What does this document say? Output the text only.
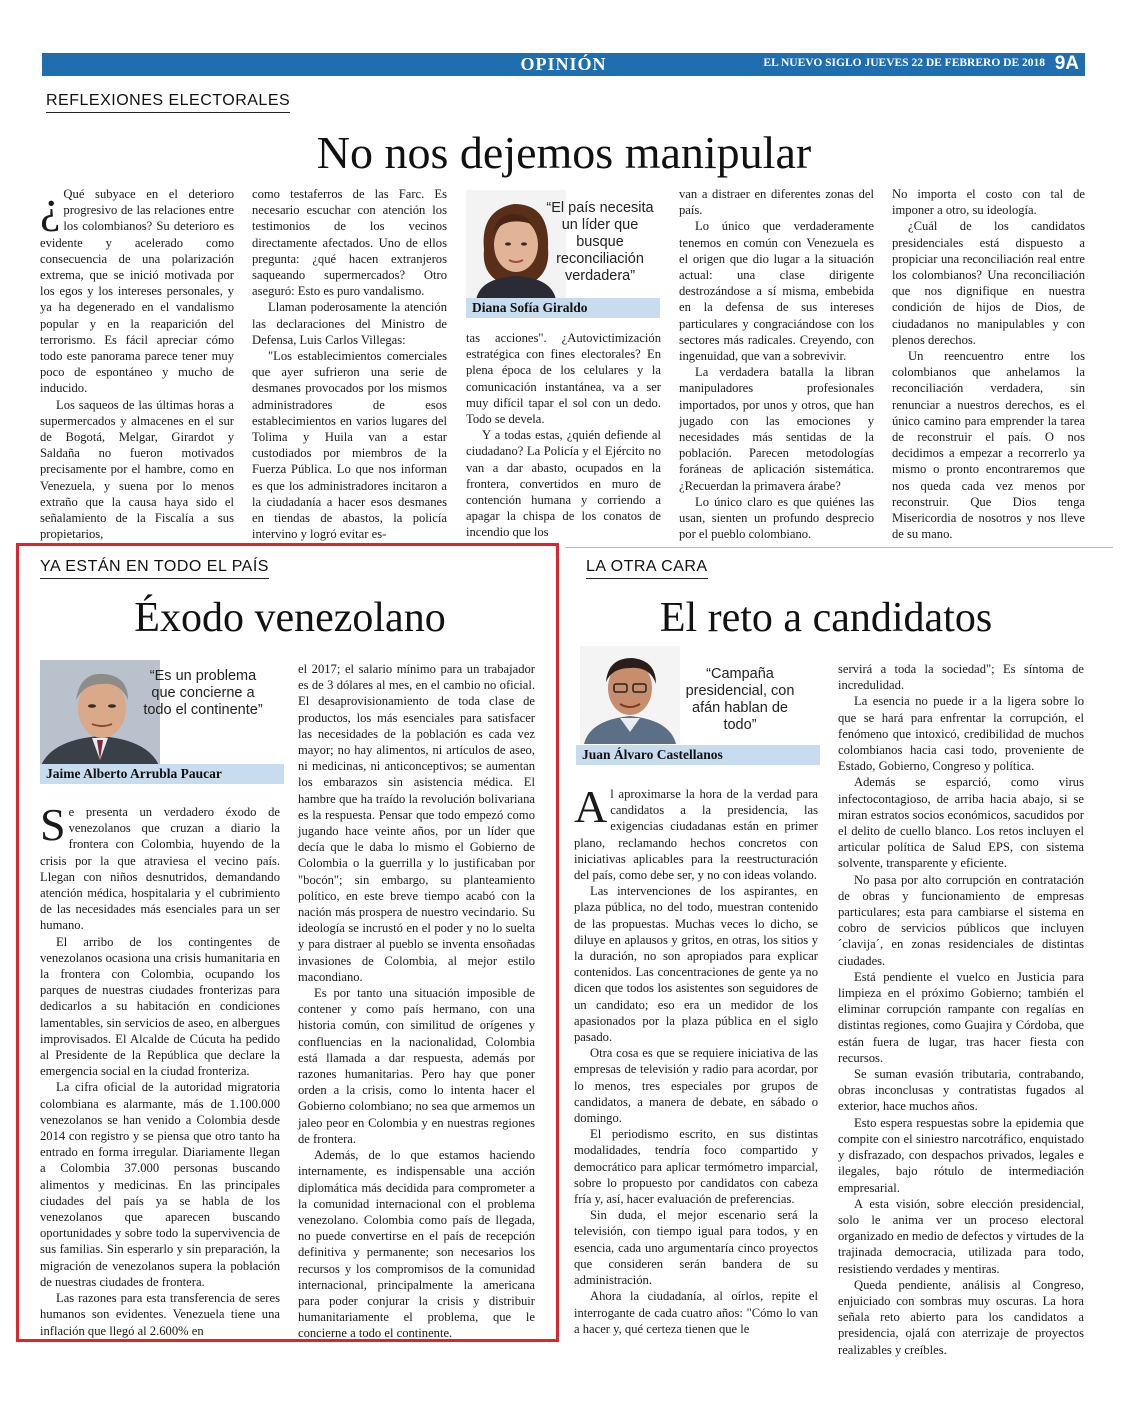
OPINIÓN	EL NUEVO SIGLO JUEVES 22 DE FEBRERO DE 2018 9A
REFLEXIONES ELECTORALES
No nos dejemos manipular

¿ Qué subyace en el deterioro progresivo de las relaciones entre los colombianos? Su deterioro es evidente y acelerado como consecuencia de una polarización extrema, que se inició motivada por los egos y los intereses personales, y ya ha degenerado en el vandalismo popular y en la reaparición del terrorismo. Es fácil apreciar cómo todo este panorama parece tener muy poco de espontáneo y mucho de inducido.

Los saqueos de las últimas horas a supermercados y almacenes en el sur de Bogotá, Melgar, Girardot y Saldaña no fueron motivados precisamente por el hambre, como en Venezuela, y suena por lo menos extraño que la causa haya sido el señalamiento de la Fiscalía a sus propietarios,

como testaferros de las Farc. Es necesario escuchar con atención los testimonios de los vecinos directamente afectados. Uno de ellos pregunta: ¿qué hacen extranjeros saqueando supermercados? Otro aseguró: Esto es puro vandalismo.

Llaman poderosamente la atención las declaraciones del Ministro de Defensa, Luis Carlos Villegas:

"Los establecimientos comerciales que ayer sufrieron una serie de desmanes provocados por los mismos administradores de esos establecimientos en varios lugares del Tolima y Huila van a estar custodiados por miembros de la Fuerza Pública. Lo que nos informan es que los administradores incitaron a la ciudadanía a hacer esos desmanes en tiendas de abastos, la policía intervino y logró evitar es-

“El país necesita un líder que busque reconciliación verdadera”
Diana Sofía Giraldo

tas acciones". ¿Autovictimización estratégica con fines electorales? En plena época de los celulares y la comunicación instantánea, va a ser muy difícil tapar el sol con un dedo. Todo se devela.

Y a todas estas, ¿quién defiende al ciudadano? La Policía y el Ejército no van a dar abasto, ocupados en la frontera, convertidos en muro de contención humana y corriendo a apagar la chispa de los conatos de incendio que los

van a distraer en diferentes zonas del país.

Lo único que verdaderamente tenemos en común con Venezuela es el origen que dio lugar a la situación actual: una clase dirigente destrozándose a sí misma, embebida en la defensa de sus intereses particulares y congraciándose con los sectores más radicales. Creyendo, con ingenuidad, que van a sobrevivir.

La verdadera batalla la libran manipuladores profesionales importados, por unos y otros, que han jugado con las emociones y necesidades más sentidas de la población. Parecen metodologías foráneas de aplicación sistemática. ¿Recuerdan la primavera árabe?

Lo único claro es que quiénes las usan, sienten un profundo desprecio por el pueblo colombiano.

No importa el costo con tal de imponer a otro, su ideología.

¿Cuál de los candidatos presidenciales está dispuesto a propiciar una reconciliación real entre los colombianos? Una reconciliación que nos dignifique en nuestra condición de hijos de Dios, de ciudadanos no manipulables y con plenos derechos.

Un reencuentro entre los colombianos que anhelamos la reconciliación verdadera, sin renunciar a nuestros derechos, es el único camino para emprender la tarea de reconstruir el país. O nos decidimos a empezar a recorrerlo ya mismo o pronto encontraremos que nos queda cada vez menos por reconstruir. Que Dios tenga Misericordia de nosotros y nos lleve de su mano.

YA ESTÁN EN TODO EL PAÍS
Éxodo venezolano
“Es un problema que concierne a todo el continente”
Jaime Alberto Arrubla Paucar

Se presenta un verdadero éxodo de venezolanos que cruzan a diario la frontera con Colombia, huyendo de la crisis por la que atraviesa el vecino país. Llegan con niños desnutridos, demandando atención médica, hospitalaria y el cubrimiento de las necesidades más esenciales para un ser humano.

El arribo de los contingentes de venezolanos ocasiona una crisis humanitaria en la frontera con Colombia, ocupando los parques de nuestras ciudades fronterizas para dedicarlos a su habitación en condiciones lamentables, sin servicios de aseo, en albergues improvisados. El Alcalde de Cúcuta ha pedido al Presidente de la República que declare la emergencia social en la ciudad fronteriza.

La cifra oficial de la autoridad migratoria colombiana es alarmante, más de 1.100.000 venezolanos se han venido a Colombia desde 2014 con registro y se piensa que otro tanto ha entrado en forma irregular. Diariamente llegan a Colombia 37.000 personas buscando alimentos y medicinas. En las principales ciudades del país ya se habla de los venezolanos que aparecen buscando oportunidades y sobre todo la supervivencia de sus familias. Sin esperarlo y sin preparación, la migración de venezolanos supera la población de nuestras ciudades de frontera.

Las razones para esta transferencia de seres humanos son evidentes. Venezuela tiene una inflación que llegó al 2.600% en

el 2017; el salario mínimo para un trabajador es de 3 dólares al mes, en el cambio no oficial. El desaprovisionamiento de toda clase de productos, los más esenciales para satisfacer las necesidades de la población es cada vez mayor; no hay alimentos, ni artículos de aseo, ni medicinas, ni anticonceptivos; se aumentan los embarazos sin asistencia médica. El hambre que ha traído la revolución bolivariana es la respuesta. Pensar que todo empezó como jugando hace veinte años, por un líder que decía que le daba lo mismo el Gobierno de Colombia o la guerrilla y lo justificaban por "bocón"; sin embargo, su planteamiento político, en este breve tiempo acabó con la nación más prospera de nuestro vecindario. Su ideología se incrustó en el poder y no lo suelta y para distraer al pueblo se inventa ensoñadas invasiones de Colombia, al mejor estilo macondiano.

Es por tanto una situación imposible de contener y como país hermano, con una historia común, con similitud de orígenes y confluencias en la nacionalidad, Colombia está llamada a dar respuesta, además por razones humanitarias. Pero hay que poner orden a la crisis, como lo intenta hacer el Gobierno colombiano; no sea que armemos un jaleo peor en Colombia y en nuestras regiones de frontera.

Además, de lo que estamos haciendo internamente, es indispensable una acción diplomática más decidida para comprometer a la comunidad internacional con el problema venezolano. Colombia como país de llegada, no puede convertirse en el país de recepción definitiva y permanente; son necesarios los recursos y los compromisos de la comunidad internacional, principalmente la americana para poder conjurar la crisis y distribuir humanitariamente el problema, que le concierne a todo el continente.

LA OTRA CARA
El reto a candidatos
“Campaña presidencial, con afán hablan de todo”
Juan Álvaro Castellanos

Al aproximarse la hora de la verdad para candidatos a la presidencia, las exigencias ciudadanas están en primer plano, reclamando hechos concretos con iniciativas aplicables para la reestructuración del país, como debe ser, y no con ideas volando.

Las intervenciones de los aspirantes, en plaza pública, no del todo, muestran contenido de las propuestas. Muchas veces lo dicho, se diluye en aplausos y gritos, en otras, los sitios y la duración, no son apropiados para explicar contenidos. Las concentraciones de gente ya no dicen que todos los asistentes son seguidores de un candidato; eso era un medidor de los apasionados por la plaza pública en el siglo pasado.

Otra cosa es que se requiere iniciativa de las empresas de televisión y radio para acordar, por lo menos, tres especiales por grupos de candidatos, a manera de debate, en sábado o domingo.

El periodismo escrito, en sus distintas modalidades, tendría foco compartido y democrático para aplicar termómetro imparcial, sobre lo propuesto por candidatos con cabeza fría y, así, hacer evaluación de preferencias.

Sin duda, el mejor escenario será la televisión, con tiempo igual para todos, y en esencia, cada uno argumentaría cinco proyectos que consideren serán bandera de su administración.

Ahora la ciudadanía, al oírlos, repite el interrogante de cada cuatro años: "Cómo lo van a hacer y, qué certeza tienen que le

servirá a toda la sociedad"; Es síntoma de incredulidad.

La esencia no puede ir a la ligera sobre lo que se hará para enfrentar la corrupción, el fenómeno que intoxicó, credibilidad de muchos colombianos hacia casi todo, proveniente de Estado, Gobierno, Congreso y política.

Además se esparció, como virus infectocontagioso, de arriba hacia abajo, si se miran estratos socios económicos, sacudidos por el delito de cuello blanco. Los retos incluyen el articular política de Salud EPS, con sistema solvente, transparente y eficiente.

No pasa por alto corrupción en contratación de obras y funcionamiento de empresas particulares; esta para cambiarse el sistema en cobro de servicios públicos que incluyen ´clavija´, en zonas residenciales de distintas ciudades.

Está pendiente el vuelco en Justicia para limpieza en el próximo Gobierno; también el eliminar corrupción rampante con regalías en distintas regiones, como Guajira y Córdoba, que están fuera de lugar, tras hacer fiesta con recursos.

Se suman evasión tributaria, contrabando, obras inconclusas y contratistas fugados al exterior, hace muchos años.

Esto espera respuestas sobre la epidemia que compite con el siniestro narcotráfico, enquistado y disfrazado, con despachos privados, legales e ilegales, bajo rótulo de intermediación empresarial.

A esta visión, sobre elección presidencial, solo le anima ver un proceso electoral organizado en medio de defectos y virtudes de la trajinada democracia, utilizada para todo, resistiendo verdades y mentiras.

Queda pendiente, análisis al Congreso, enjuiciado con sombras muy oscuras. La hora señala reto abierto para los candidatos a presidencia, ojalá con aterrizaje de proyectos realizables y creíbles.
